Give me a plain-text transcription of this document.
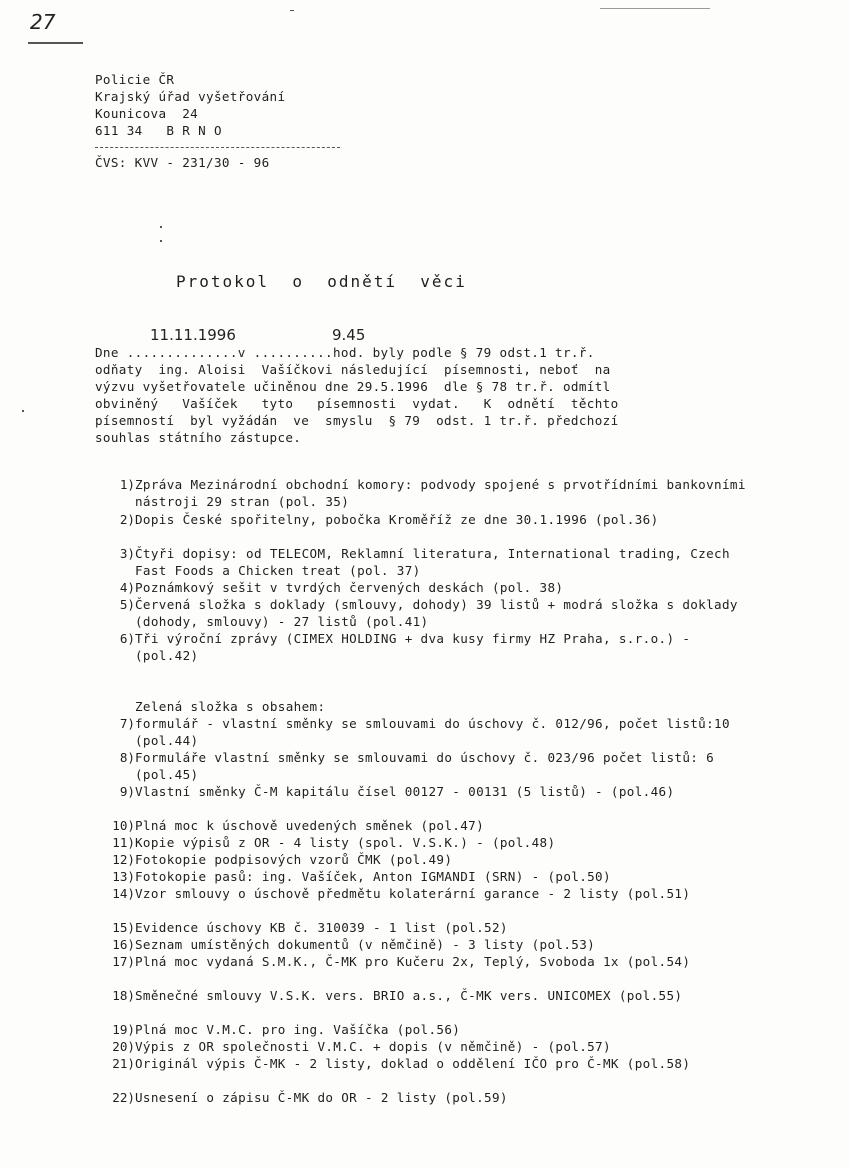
27
Policie ČR
Krajský úřad vyšetřování
Kounicova  24
611 34   B R N O
ČVS: KVV - 231/30 - 96
Protokol  o  odnětí  věci
11.11.1996	9.45
Dne ..............v ..........hod. byly podle § 79 odst.1 tr.ř.
odňaty  ing. Aloisi  Vašíčkovi následující  písemnosti, neboť  na
výzvu vyšetřovatele učiněnou dne 29.5.1996  dle § 78 tr.ř. odmítl
obviněný   Vašíček   tyto   písemnosti  vydat.   K  odnětí  těchto
písemností  byl vyžádán  ve  smyslu  § 79  odst. 1 tr.ř. předchozí
souhlas státního zástupce.
1) Zpráva Mezinárodní obchodní komory: podvody spojené s prvotřídními bankovními nástroji 29 stran (pol. 35)
2) Dopis České spořitelny, pobočka Kroměříž ze dne 30.1.1996 (pol.36)
3) Čtyři dopisy: od TELECOM, Reklamní literatura, International trading, Czech Fast Foods a Chicken treat (pol. 37)
4) Poznámkový sešit v tvrdých červených deskách (pol. 38)
5) Červená složka s doklady (smlouvy, dohody) 39 listů + modrá složka s doklady (dohody, smlouvy) - 27 listů (pol.41)
6) Tři výroční zprávy (CIMEX HOLDING + dva kusy firmy HZ Praha, s.r.o.) - (pol.42)
Zelená složka s obsahem:
7) formulář - vlastní směnky se smlouvami do úschovy č. 012/96, počet listů:10 (pol.44)
8) Formuláře vlastní směnky se smlouvami do úschovy č. 023/96 počet listů: 6 (pol.45)
9) Vlastní směnky Č-M kapitálu čísel 00127 - 00131 (5 listů) - (pol.46)
10) Plná moc k úschově uvedených směnek (pol.47)
11) Kopie výpisů z OR - 4 listy (spol. V.S.K.) - (pol.48)
12) Fotokopie podpisových vzorů ČMK (pol.49)
13) Fotokopie pasů: ing. Vašíček, Anton IGMANDI (SRN) - (pol.50)
14) Vzor smlouvy o úschově předmětu kolaterární garance - 2 listy (pol.51)
15) Evidence úschovy KB č. 310039 - 1 list (pol.52)
16) Seznam umístěných dokumentů (v němčině) - 3 listy (pol.53)
17) Plná moc vydaná S.M.K., Č-MK pro Kučeru 2x, Teplý, Svoboda 1x (pol.54)
18) Směnečné smlouvy V.S.K. vers. BRIO a.s., Č-MK vers. UNICOMEX (pol.55)
19) Plná moc V.M.C. pro ing. Vašíčka (pol.56)
20) Výpis z OR společnosti V.M.C. + dopis (v němčině) - (pol.57)
21) Originál výpis Č-MK - 2 listy, doklad o oddělení IČO pro Č-MK (pol.58)
22) Usnesení o zápisu Č-MK do OR - 2 listy (pol.59)
